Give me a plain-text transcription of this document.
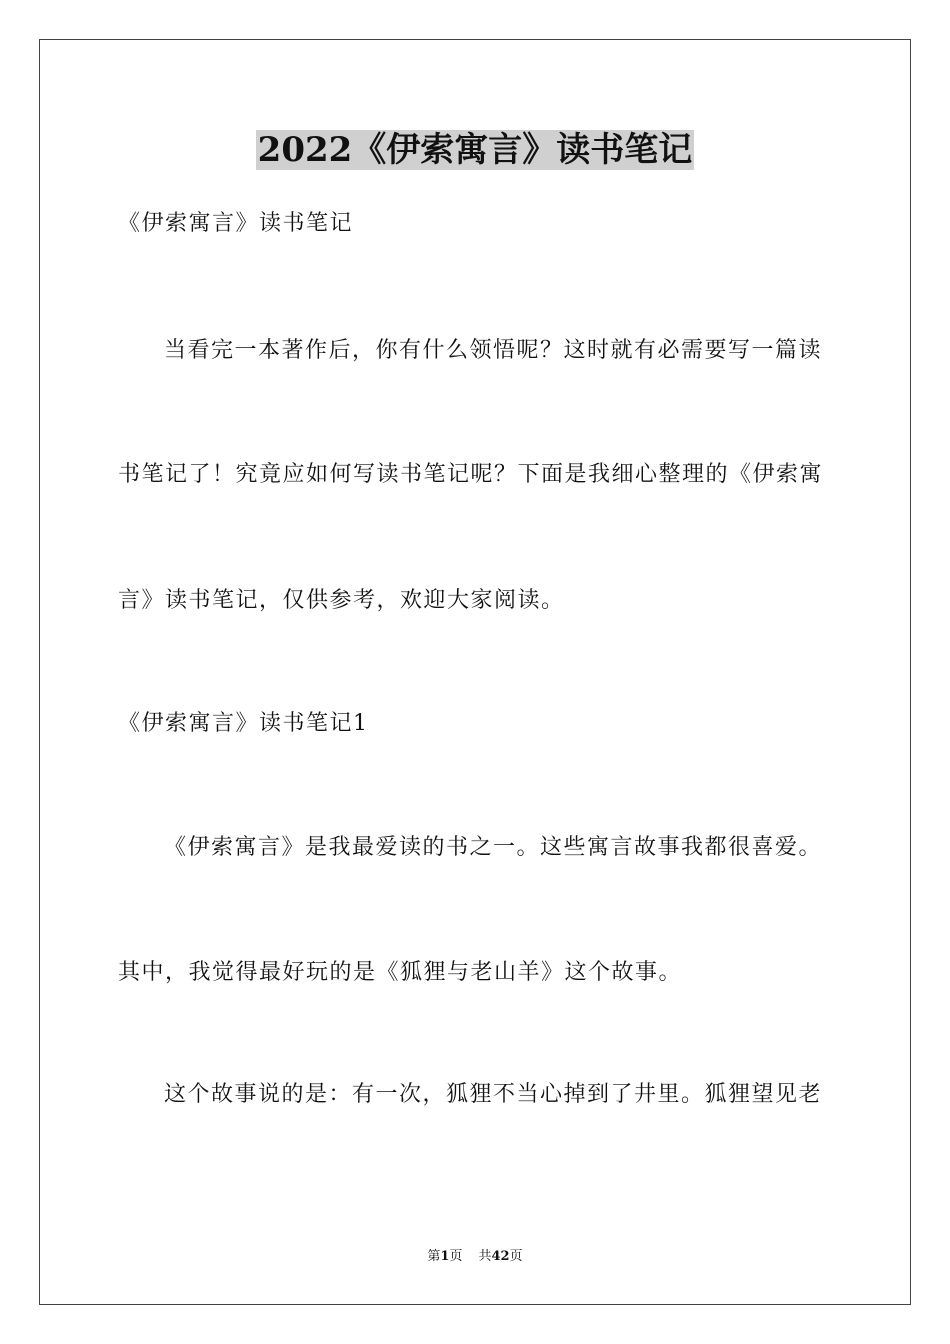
2022《伊索寓言》读书笔记
《伊索寓言》读书笔记
当看完一本著作后，你有什么领悟呢？这时就有必需要写一篇读
书笔记了！究竟应如何写读书笔记呢？下面是我细心整理的《伊索寓
言》读书笔记，仅供参考，欢迎大家阅读。
《伊索寓言》读书笔记1
《伊索寓言》是我最爱读的书之一。这些寓言故事我都很喜爱。
其中，我觉得最好玩的是《狐狸与老山羊》这个故事。
这个故事说的是：有一次，狐狸不当心掉到了井里。狐狸望见老
第1页 共42页
